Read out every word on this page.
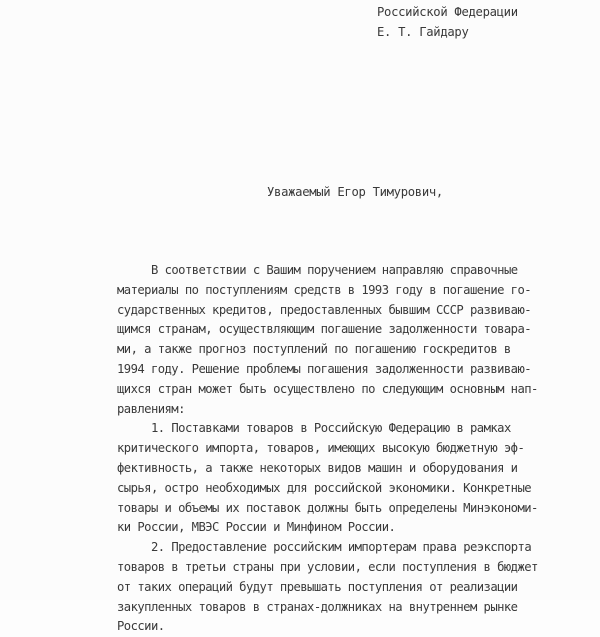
Российской Федерации
Е. Т. Гайдару
Уважаемый Егор Тимурович,
В соответствии с Вашим поручением направляю справочные
материалы по поступлениям средств в 1993 году в погашение го-
сударственных кредитов, предоставленных бывшим СССР развиваю-
щимся странам, осуществляющим погашение задолженности товара-
ми, а также прогноз поступлений по погашению госкредитов в
1994 году. Решение проблемы погашения задолженности развиваю-
щихся стран может быть осуществлено по следующим основным нап-
равлениям:
1. Поставками товаров в Российскую Федерацию в рамках
критического импорта, товаров, имеющих высокую бюджетную эф-
фективность, а также некоторых видов машин и оборудования и
сырья, остро необходимых для российской экономики. Конкретные
товары и объемы их поставок должны быть определены Минэкономи-
ки России, МВЭС России и Минфином России.
2. Предоставление российским импортерам права реэкспорта
товаров в третьи страны при условии, если поступления в бюджет
от таких операций будут превышать поступления от реализации
закупленных товаров в странах-должниках на внутреннем рынке
России.
